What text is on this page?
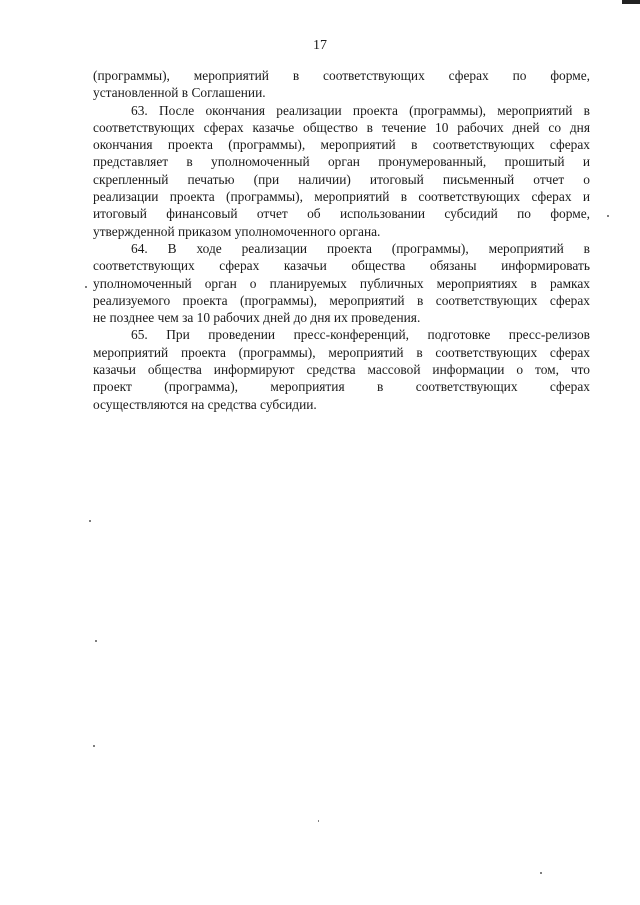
17
(программы), мероприятий в соответствующих сферах по форме,
установленной в Соглашении.
63. После окончания реализации проекта (программы), мероприятий в
соответствующих сферах казачье общество в течение 10 рабочих дней со дня
окончания проекта (программы), мероприятий в соответствующих сферах
представляет в уполномоченный орган пронумерованный, прошитый и
скрепленный печатью (при наличии) итоговый письменный отчет о
реализации проекта (программы), мероприятий в соответствующих сферах и
итоговый финансовый отчет об использовании субсидий по форме,
утвержденной приказом уполномоченного органа.
64. В ходе реализации проекта (программы), мероприятий в
соответствующих сферах казачьи общества обязаны информировать
уполномоченный орган о планируемых публичных мероприятиях в рамках
реализуемого проекта (программы), мероприятий в соответствующих сферах
не позднее чем за 10 рабочих дней до дня их проведения.
65. При проведении пресс-конференций, подготовке пресс-релизов
мероприятий проекта (программы), мероприятий в соответствующих сферах
казачьи общества информируют средства массовой информации о том, что
проект (программа), мероприятия в соответствующих сферах
осуществляются на средства субсидии.
